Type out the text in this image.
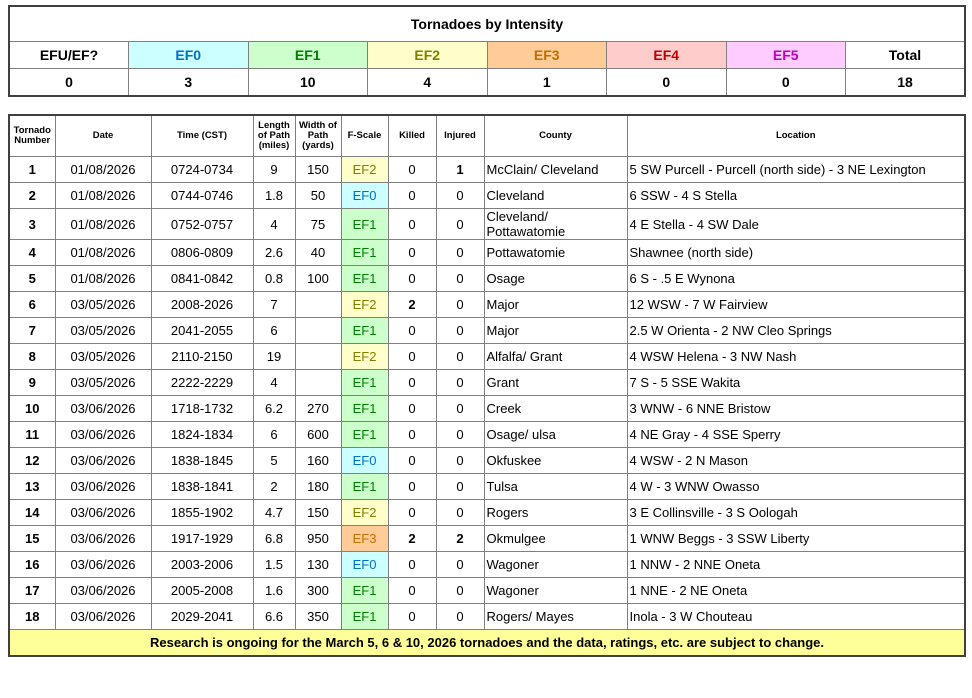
Tornadoes by Intensity							
EFU/EF?	EF0	EF1	EF2	EF3	EF4	EF5	Total
0	3	10	4	1	0	0	18
Tornado Number	Date	Time (CST)	Length of Path (miles)	Width of Path (yards)	F-Scale	Killed	Injured	County	Location
1	01/08/2026	0724-0734	9	150	EF2	0	1	McClain/ Cleveland	5 SW Purcell - Purcell (north side) - 3 NE Lexington
2	01/08/2026	0744-0746	1.8	50	EF0	0	0	Cleveland	6 SSW - 4 S Stella
3	01/08/2026	0752-0757	4	75	EF1	0	0	Cleveland/ Pottawatomie	4 E Stella - 4 SW Dale
4	01/08/2026	0806-0809	2.6	40	EF1	0	0	Pottawatomie	Shawnee (north side)
5	01/08/2026	0841-0842	0.8	100	EF1	0	0	Osage	6 S - .5 E Wynona
6	03/05/2026	2008-2026	7		EF2	2	0	Major	12 WSW - 7 W Fairview
7	03/05/2026	2041-2055	6		EF1	0	0	Major	2.5 W Orienta - 2 NW Cleo Springs
8	03/05/2026	2110-2150	19		EF2	0	0	Alfalfa/ Grant	4 WSW Helena - 3 NW Nash
9	03/05/2026	2222-2229	4		EF1	0	0	Grant	7 S - 5 SSE Wakita
10	03/06/2026	1718-1732	6.2	270	EF1	0	0	Creek	3 WNW - 6 NNE Bristow
11	03/06/2026	1824-1834	6	600	EF1	0	0	Osage/ ulsa	4 NE Gray - 4 SSE Sperry
12	03/06/2026	1838-1845	5	160	EF0	0	0	Okfuskee	4 WSW - 2 N Mason
13	03/06/2026	1838-1841	2	180	EF1	0	0	Tulsa	4 W - 3 WNW Owasso
14	03/06/2026	1855-1902	4.7	150	EF2	0	0	Rogers	3 E Collinsville - 3 S Oologah
15	03/06/2026	1917-1929	6.8	950	EF3	2	2	Okmulgee	1 WNW Beggs - 3 SSW Liberty
16	03/06/2026	2003-2006	1.5	130	EF0	0	0	Wagoner	1 NNW - 2 NNE Oneta
17	03/06/2026	2005-2008	1.6	300	EF1	0	0	Wagoner	1 NNE - 2 NE Oneta
18	03/06/2026	2029-2041	6.6	350	EF1	0	0	Rogers/ Mayes	Inola - 3 W Chouteau
Research is ongoing for the March 5, 6 & 10, 2026 tornadoes and the data, ratings, etc. are subject to change.									
